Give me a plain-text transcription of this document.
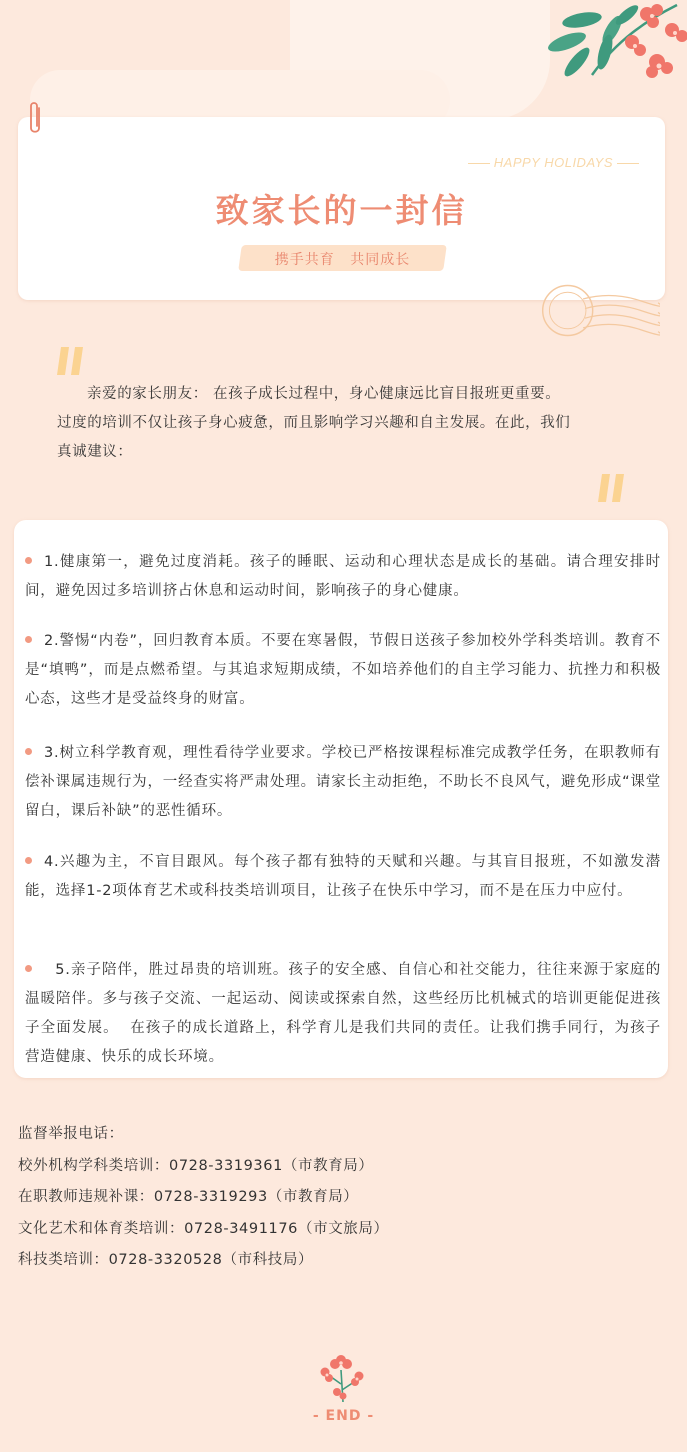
HAPPY HOLIDAYS
致家长的一封信
携手共育 共同成长
亲爱的家长朋友： 在孩子成长过程中，身心健康远比盲目报班更重要。
过度的培训不仅让孩子身心疲惫，而且影响学习兴趣和自主发展。在此，我们
真诚建议：
1.健康第一，避免过度消耗。孩子的睡眠、运动和心理状态是成长的基础。请合理安排时间，避免因过多培训挤占休息和运动时间，影响孩子的身心健康。
2.警惕“内卷”，回归教育本质。不要在寒暑假，节假日送孩子参加校外学科类培训。教育不是“填鸭”，而是点燃希望。与其追求短期成绩，不如培养他们的自主学习能力、抗挫力和积极心态，这些才是受益终身的财富。
3.树立科学教育观，理性看待学业要求。学校已严格按课程标准完成教学任务，在职教师有偿补课属违规行为，一经查实将严肃处理。请家长主动拒绝，不助长不良风气，避免形成“课堂留白，课后补缺”的恶性循环。
4.兴趣为主，不盲目跟风。每个孩子都有独特的天赋和兴趣。与其盲目报班，不如激发潜能，选择1-2项体育艺术或科技类培训项目，让孩子在快乐中学习，而不是在压力中应付。
5.亲子陪伴，胜过昂贵的培训班。孩子的安全感、自信心和社交能力，往往来源于家庭的温暖陪伴。多与孩子交流、一起运动、阅读或探索自然，这些经历比机械式的培训更能促进孩子全面发展。  在孩子的成长道路上，科学育儿是我们共同的责任。让我们携手同行，为孩子营造健康、快乐的成长环境。
监督举报电话：
校外机构学科类培训：0728-3319361（市教育局）
在职教师违规补课：0728-3319293（市教育局）
文化艺术和体育类培训：0728-3491176（市文旅局）
科技类培训：0728-3320528（市科技局）
- END -
